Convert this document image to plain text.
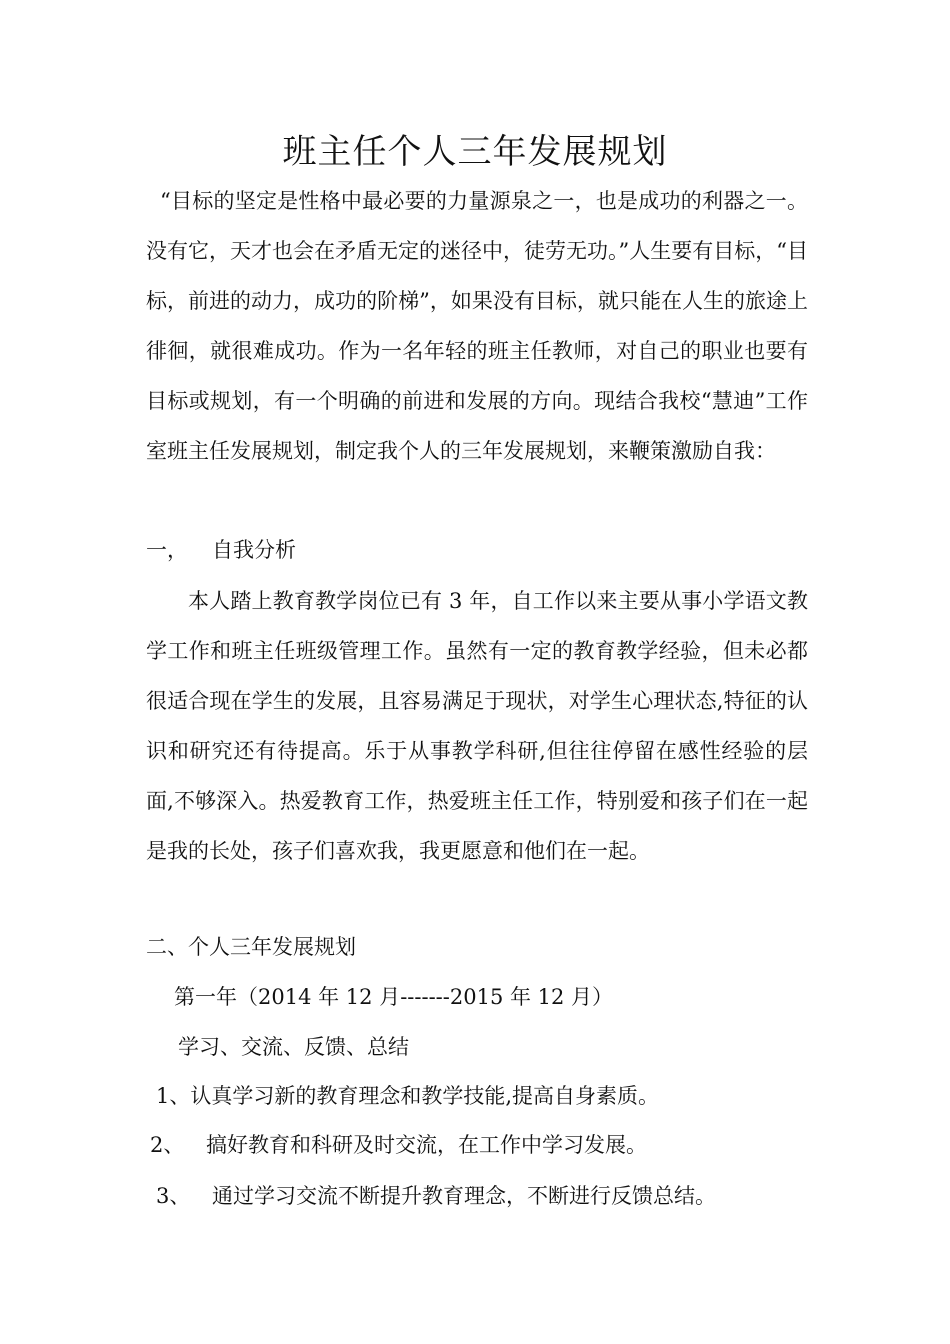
班主任个人三年发展规划

“目标的坚定是性格中最必要的力量源泉之一，也是成功的利器之一。没有它，天才也会在矛盾无定的迷径中，徒劳无功。”人生要有目标，“目标，前进的动力，成功的阶梯”，如果没有目标，就只能在人生的旅途上徘徊，就很难成功。作为一名年轻的班主任教师，对自己的职业也要有目标或规划，有一个明确的前进和发展的方向。现结合我校“慧迪”工作室班主任发展规划，制定我个人的三年发展规划，来鞭策激励自我：

一， 自我分析

本人踏上教育教学岗位已有 3 年，自工作以来主要从事小学语文教学工作和班主任班级管理工作。虽然有一定的教育教学经验，但未必都很适合现在学生的发展，且容易满足于现状，对学生心理状态,特征的认识和研究还有待提高。乐于从事教学科研,但往往停留在感性经验的层面,不够深入。热爱教育工作，热爱班主任工作，特别爱和孩子们在一起是我的长处，孩子们喜欢我，我更愿意和他们在一起。

二、个人三年发展规划
第一年（2014 年 12 月-------2015 年 12 月）
学习、交流、反馈、总结
1、认真学习新的教育理念和教学技能,提高自身素质。
2、 搞好教育和科研及时交流，在工作中学习发展。
3、 通过学习交流不断提升教育理念，不断进行反馈总结。
